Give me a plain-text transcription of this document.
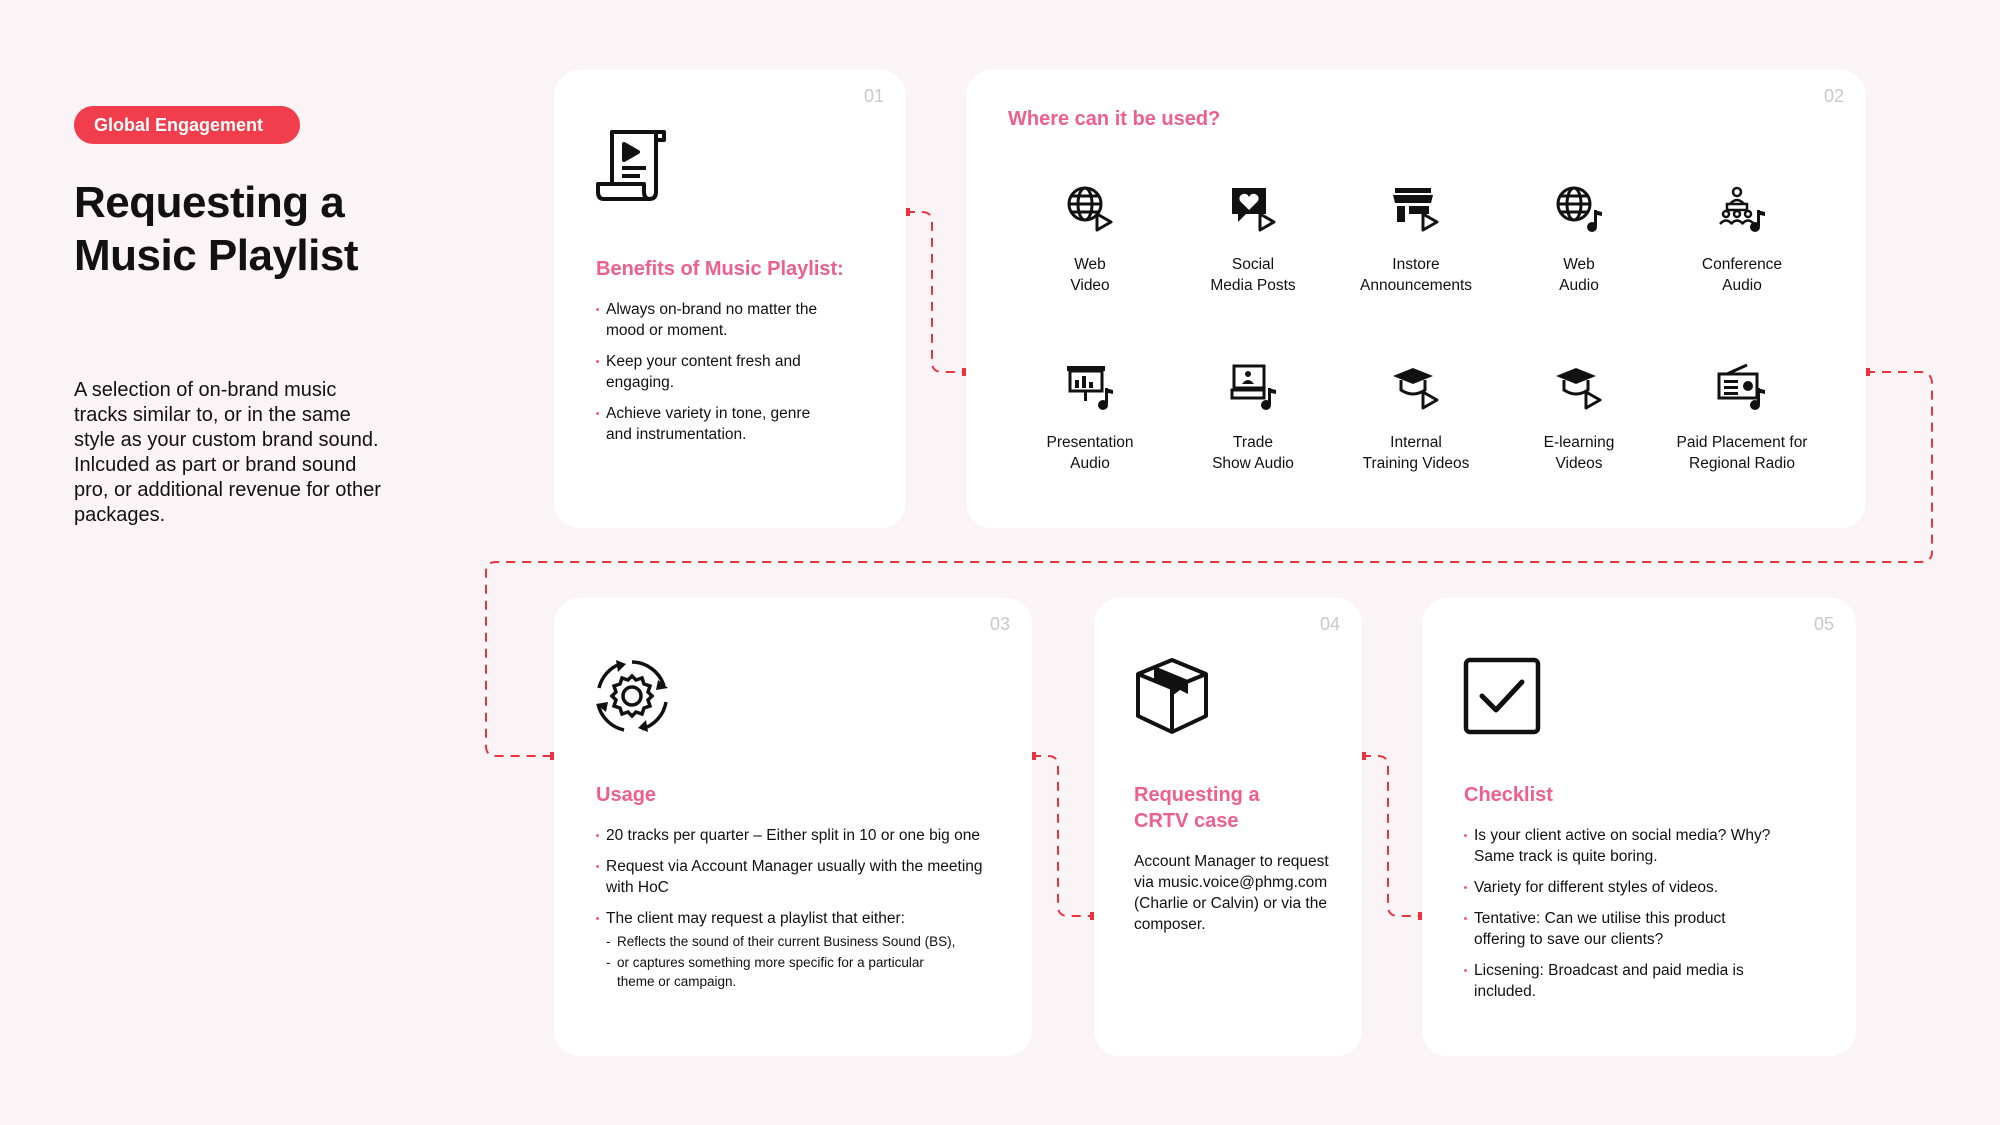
Global Engagement
Requesting a Music Playlist
A selection of on-brand music tracks similar to, or in the same style as your custom brand sound. Inlcuded as part or brand sound pro, or additional revenue for other packages.
01
Benefits of Music Playlist:
Always on-brand no matter the mood or moment.
Keep your content fresh and engaging.
Achieve variety in tone, genre and instrumentation.
02
Where can it be used?
Web
Video
Social
Media Posts
Instore
Announcements
Web
Audio
Conference
Audio
Presentation
Audio
Trade
Show Audio
Internal
Training Videos
E-learning
Videos
Paid Placement for
Regional Radio
03
Usage
20 tracks per quarter – Either split in 10 or one big one
Request via Account Manager usually with the meeting with HoC
The client may request a playlist that either:
- Reflects the sound of their current Business Sound (BS),
- or captures something more specific for a particular theme or campaign.
04
Requesting a CRTV case
Account Manager to request via music.voice@phmg.com (Charlie or Calvin) or via the composer.
05
Checklist
Is your client active on social media? Why? Same track is quite boring.
Variety for different styles of videos.
Tentative: Can we utilise this product offering to save our clients?
Licsening: Broadcast and paid media is included.
